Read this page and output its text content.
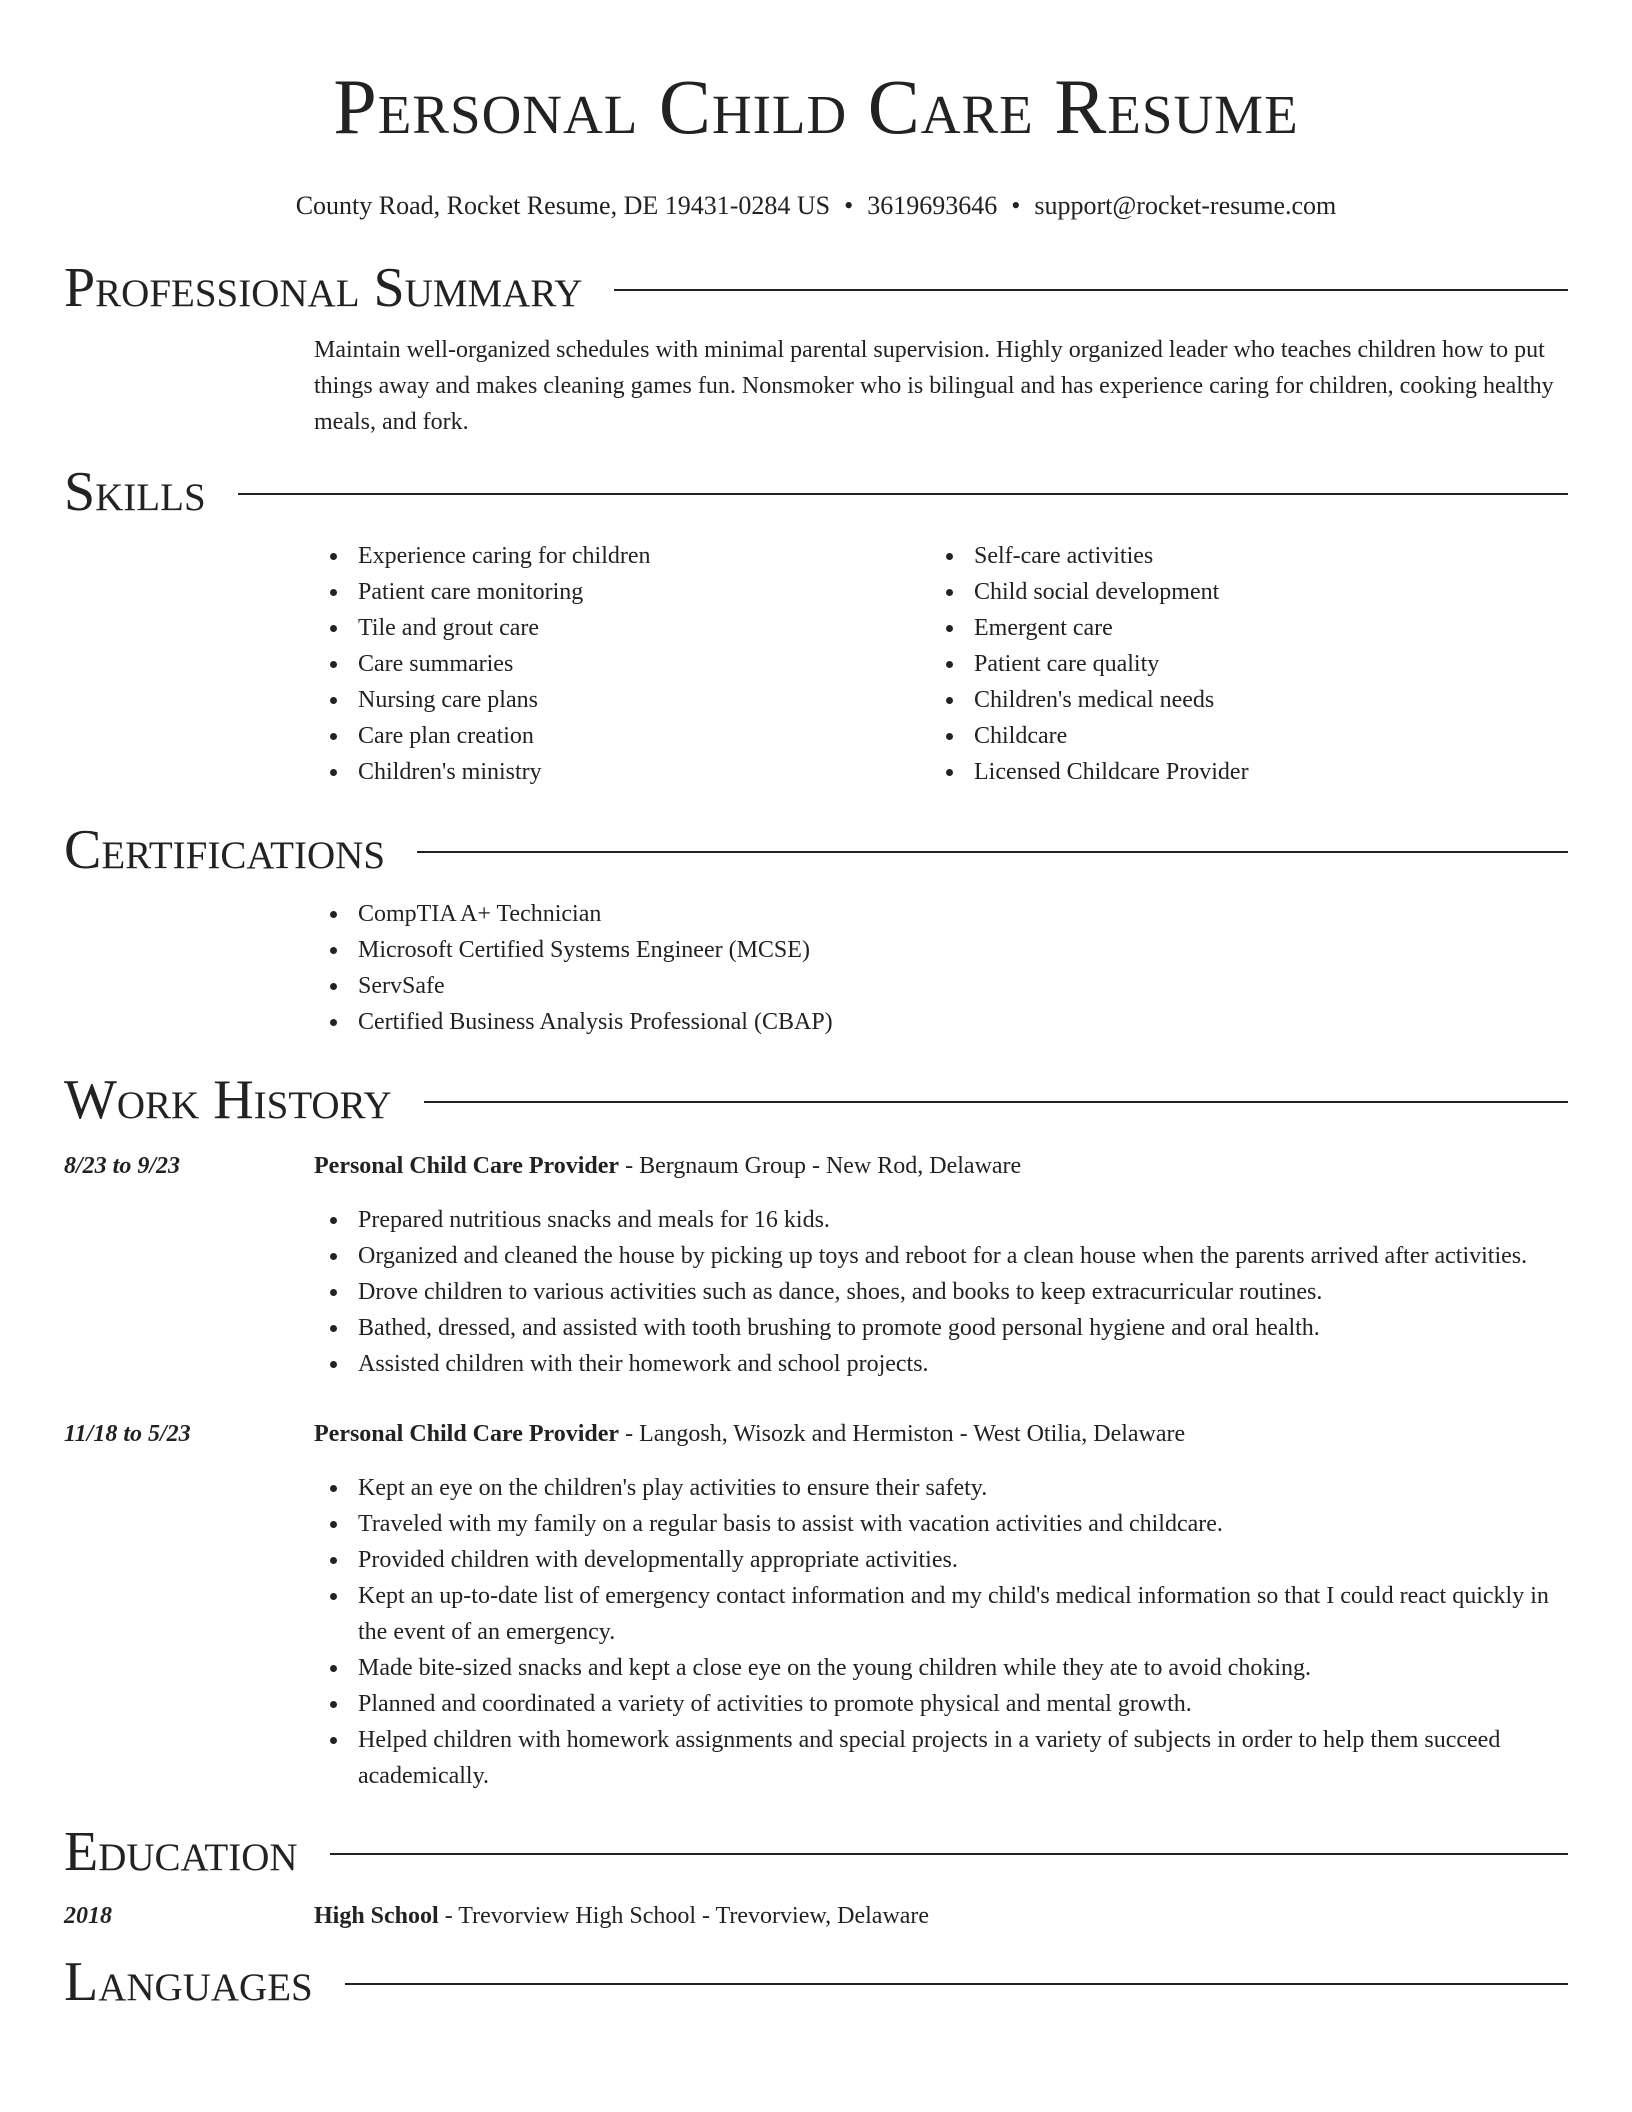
Personal Child Care Resume
County Road, Rocket Resume, DE 19431-0284 US • 3619693646 • support@rocket-resume.com
Professional Summary

Maintain well-organized schedules with minimal parental supervision. Highly organized leader who teaches children how to put things away and makes cleaning games fun. Nonsmoker who is bilingual and has experience caring for children, cooking healthy meals, and fork.

Skills
Experience caring for children
Patient care monitoring
Tile and grout care
Care summaries
Nursing care plans
Care plan creation
Children's ministry
Self-care activities
Child social development
Emergent care
Patient care quality
Children's medical needs
Childcare
Licensed Childcare Provider
Certifications
CompTIA A+ Technician
Microsoft Certified Systems Engineer (MCSE)
ServSafe
Certified Business Analysis Professional (CBAP)
Work History
8/23 to 9/23	Personal Child Care Provider - Bergnaum Group - New Rod, Delaware
Prepared nutritious snacks and meals for 16 kids.
Organized and cleaned the house by picking up toys and reboot for a clean house when the parents arrived after activities.
Drove children to various activities such as dance, shoes, and books to keep extracurricular routines.
Bathed, dressed, and assisted with tooth brushing to promote good personal hygiene and oral health.
Assisted children with their homework and school projects.
11/18 to 5/23	Personal Child Care Provider - Langosh, Wisozk and Hermiston - West Otilia, Delaware
Kept an eye on the children's play activities to ensure their safety.
Traveled with my family on a regular basis to assist with vacation activities and childcare.
Provided children with developmentally appropriate activities.
Kept an up-to-date list of emergency contact information and my child's medical information so that I could react quickly in the event of an emergency.
Made bite-sized snacks and kept a close eye on the young children while they ate to avoid choking.
Planned and coordinated a variety of activities to promote physical and mental growth.
Helped children with homework assignments and special projects in a variety of subjects in order to help them succeed academically.
Education
2018	High School - Trevorview High School - Trevorview, Delaware
Languages
